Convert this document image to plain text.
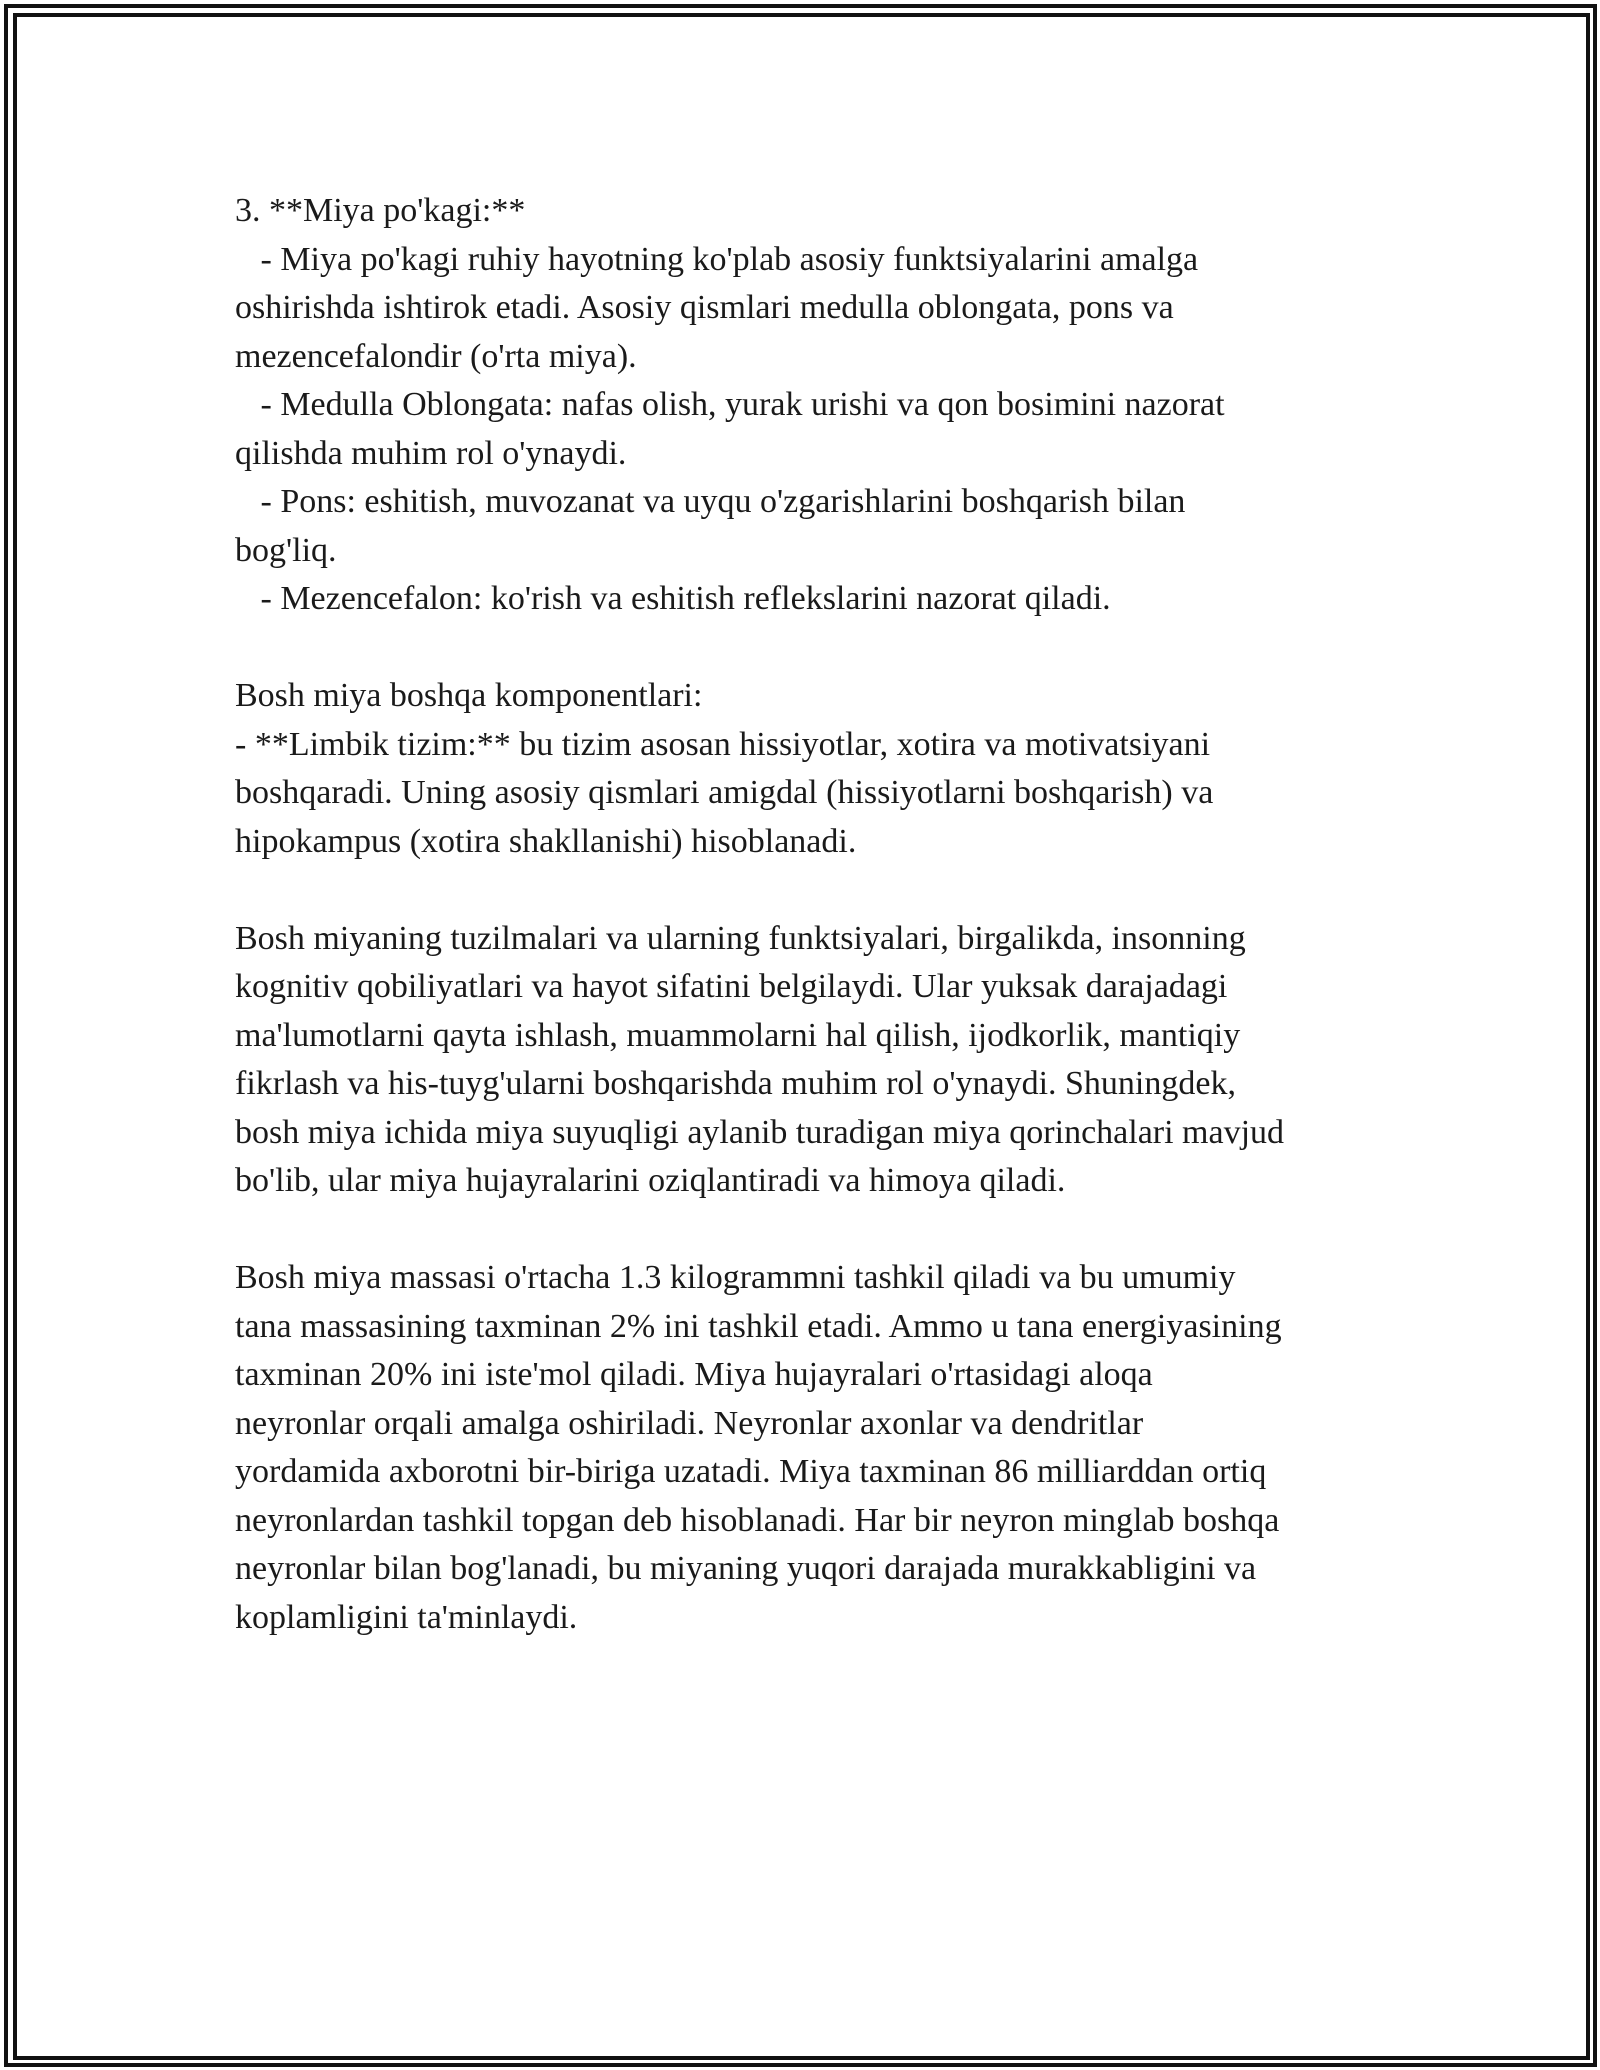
3. **Miya po'kagi:**
- Miya po'kagi ruhiy hayotning ko'plab asosiy funktsiyalarini amalga
oshirishda ishtirok etadi. Asosiy qismlari medulla oblongata, pons va
mezencefalondir (o'rta miya).
- Medulla Oblongata: nafas olish, yurak urishi va qon bosimini nazorat
qilishda muhim rol o'ynaydi.
- Pons: eshitish, muvozanat va uyqu o'zgarishlarini boshqarish bilan
bog'liq.
- Mezencefalon: ko'rish va eshitish reflekslarini nazorat qiladi.
Bosh miya boshqa komponentlari:
- **Limbik tizim:** bu tizim asosan hissiyotlar, xotira va motivatsiyani
boshqaradi. Uning asosiy qismlari amigdal (hissiyotlarni boshqarish) va
hipokampus (xotira shakllanishi) hisoblanadi.
Bosh miyaning tuzilmalari va ularning funktsiyalari, birgalikda, insonning
kognitiv qobiliyatlari va hayot sifatini belgilaydi. Ular yuksak darajadagi
ma'lumotlarni qayta ishlash, muammolarni hal qilish, ijodkorlik, mantiqiy
fikrlash va his-tuyg'ularni boshqarishda muhim rol o'ynaydi. Shuningdek,
bosh miya ichida miya suyuqligi aylanib turadigan miya qorinchalari mavjud
bo'lib, ular miya hujayralarini oziqlantiradi va himoya qiladi.
Bosh miya massasi o'rtacha 1.3 kilogrammni tashkil qiladi va bu umumiy
tana massasining taxminan 2% ini tashkil etadi. Ammo u tana energiyasining
taxminan 20% ini iste'mol qiladi. Miya hujayralari o'rtasidagi aloqa
neyronlar orqali amalga oshiriladi. Neyronlar axonlar va dendritlar
yordamida axborotni bir-biriga uzatadi. Miya taxminan 86 milliarddan ortiq
neyronlardan tashkil topgan deb hisoblanadi. Har bir neyron minglab boshqa
neyronlar bilan bog'lanadi, bu miyaning yuqori darajada murakkabligini va
koplamligini ta'minlaydi.
